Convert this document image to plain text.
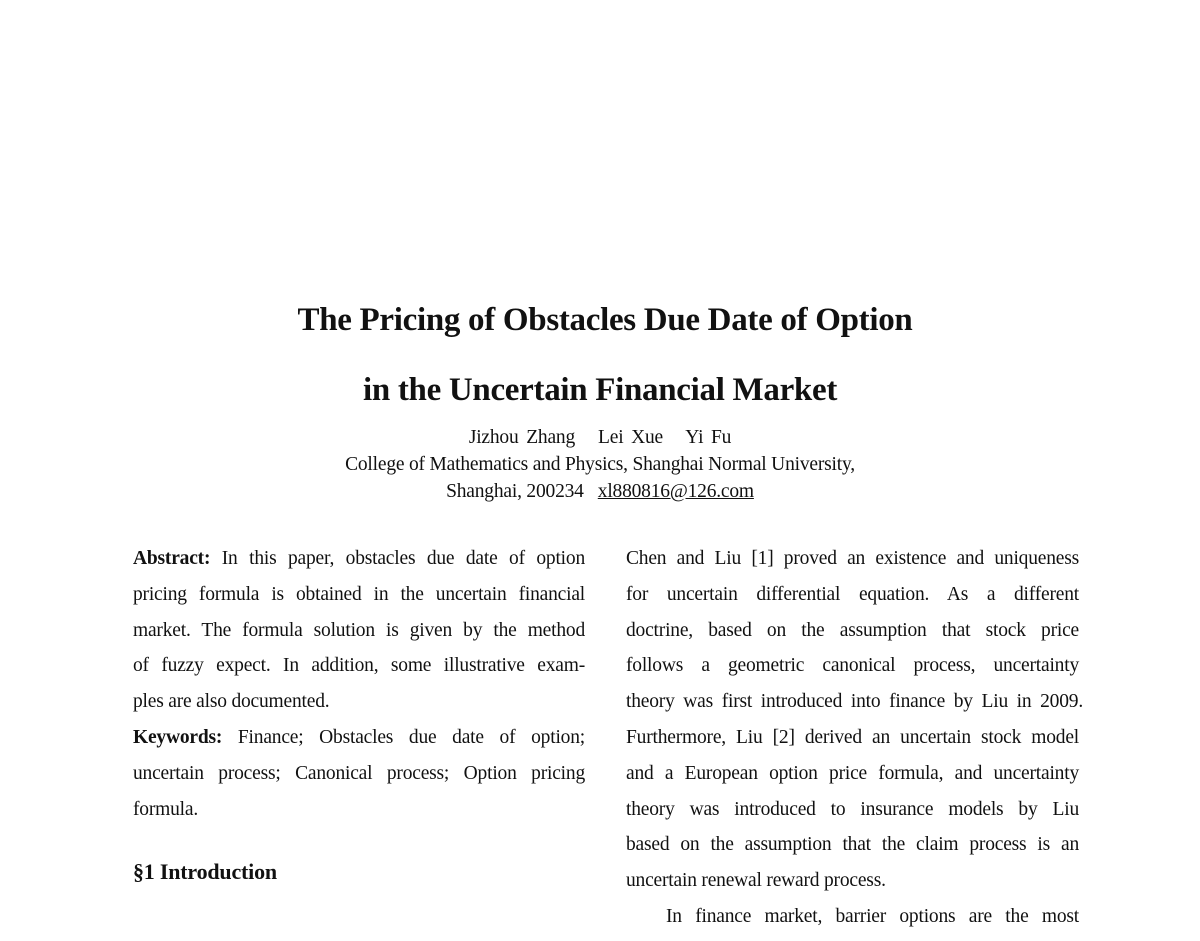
The Pricing of Obstacles Due Date of Option
in the Uncertain Financial Market
Jizhou Zhang   Lei Xue   Yi Fu
College of Mathematics and Physics, Shanghai Normal University,
Shanghai, 200234 xl880816@126.com
Abstract: In this paper, obstacles due date of option
pricing formula is obtained in the uncertain financial
market. The formula solution is given by the method
of fuzzy expect. In addition, some illustrative exam-
ples are also documented.
Keywords: Finance; Obstacles due date of option;
uncertain process; Canonical process; Option pricing
formula.
§1 Introduction
Chen and Liu [1] proved an existence and uniqueness
for uncertain differential equation. As a different
doctrine, based on the assumption that stock price
follows a geometric canonical process, uncertainty
theory was first introduced into finance by Liu in 2009.
Furthermore, Liu [2] derived an uncertain stock model
and a European option price formula, and uncertainty
theory was introduced to insurance models by Liu
based on the assumption that the claim process is an
uncertain renewal reward process.
In finance market, barrier options are the most
